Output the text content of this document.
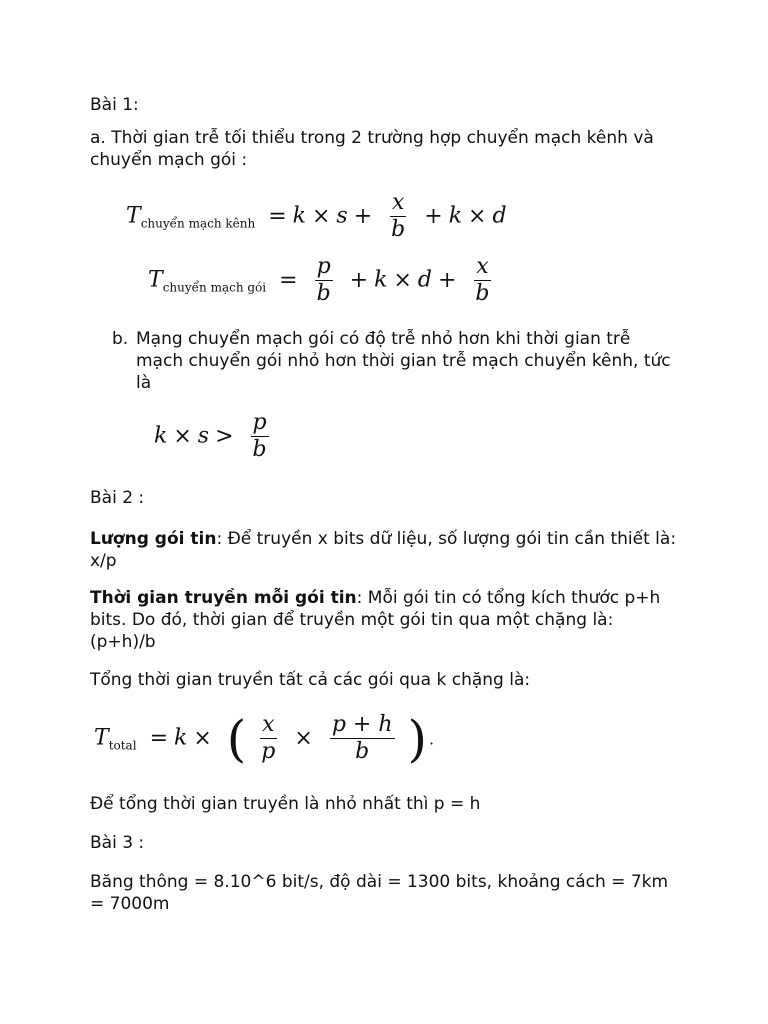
Bài 1:
a. Thời gian trễ tối thiểu trong 2 trường hợp chuyển mạch kênh và chuyển mạch gói :
$T_{chuyển mạch kênh} = k \times s + \frac{x}{b} + k \times d$
$T_{chuyển mạch gói} = \frac{p}{b} + k \times d + \frac{x}{b}$
b. Mạng chuyển mạch gói có độ trễ nhỏ hơn khi thời gian trễ mạch chuyển gói nhỏ hơn thời gian trễ mạch chuyển kênh, tức là
$k \times s > \frac{p}{b}$
Bài 2 :
Lượng gói tin: Để truyền x bits dữ liệu, số lượng gói tin cần thiết là: x/p
Thời gian truyền mỗi gói tin: Mỗi gói tin có tổng kích thước p+h bits. Do đó, thời gian để truyền một gói tin qua một chặng là: (p+h)/b
Tổng thời gian truyền tất cả các gói qua k chặng là:
$T_{total} = k$ × ( $\frac{x}{p} \times \frac{p + h}{b}$ ) .
Để tổng thời gian truyền là nhỏ nhất thì p = h
Bài 3 :
Băng thông = 8.10^6 bit/s, độ dài = 1300 bits, khoảng cách = 7km = 7000m
